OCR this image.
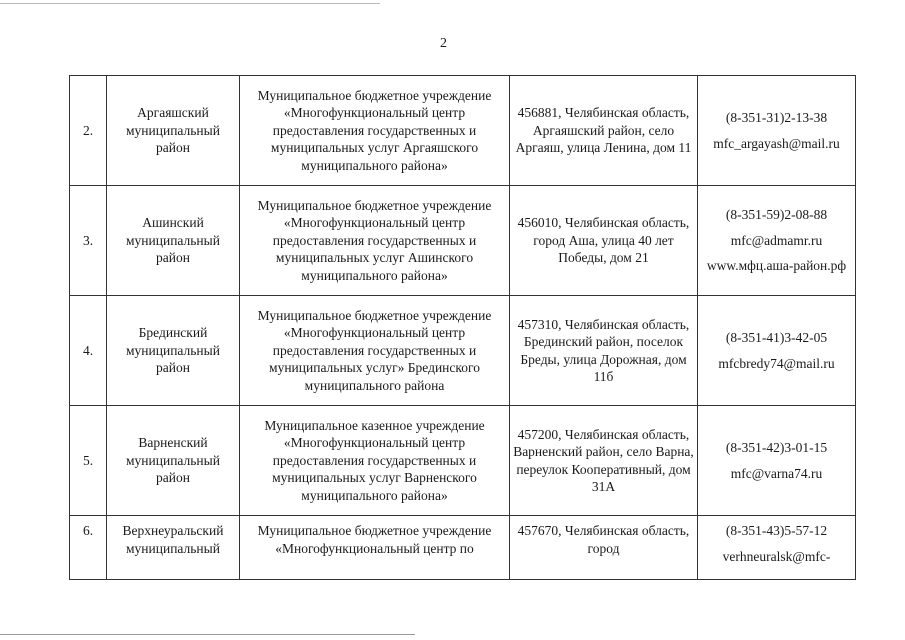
2
2.	Аргаяшский муниципальный район	Муниципальное бюджетное учреждение «Многофункциональный центр предоставления государственных и муниципальных услуг Аргаяшского муниципального района»	456881, Челябинская область, Аргаяшский район, село Аргаяш, улица Ленина, дом 11	(8-351-31)2-13-38
mfc_argayash@mail.ru

3.	Ашинский муниципальный район	Муниципальное бюджетное учреждение «Многофункциональный центр предоставления государственных и муниципальных услуг Ашинского муниципального района»	456010, Челябинская область, город Аша, улица 40 лет Победы, дом 21	(8-351-59)2-08-88
mfc@admamr.ru
www.мфц.аша-район.рф

4.	Брединский муниципальный район	Муниципальное бюджетное учреждение «Многофункциональный центр предоставления государственных и муниципальных услуг» Брединского муниципального района	457310, Челябинская область, Брединский район, поселок Бреды, улица Дорожная, дом 11б	(8-351-41)3-42-05
mfcbredy74@mail.ru

5.	Варненский муниципальный район	Муниципальное казенное учреждение «Многофункциональный центр предоставления государственных и муниципальных услуг Варненского муниципального района»	457200, Челябинская область, Варненский район, село Варна, переулок Кооперативный, дом 31А	(8-351-42)3-01-15
mfc@varna74.ru

6.	Верхнеуральский муниципальный	Муниципальное бюджетное учреждение «Многофункциональный центр по	457670, Челябинская область, город	(8-351-43)5-57-12
verhneuralsk@mfc-
